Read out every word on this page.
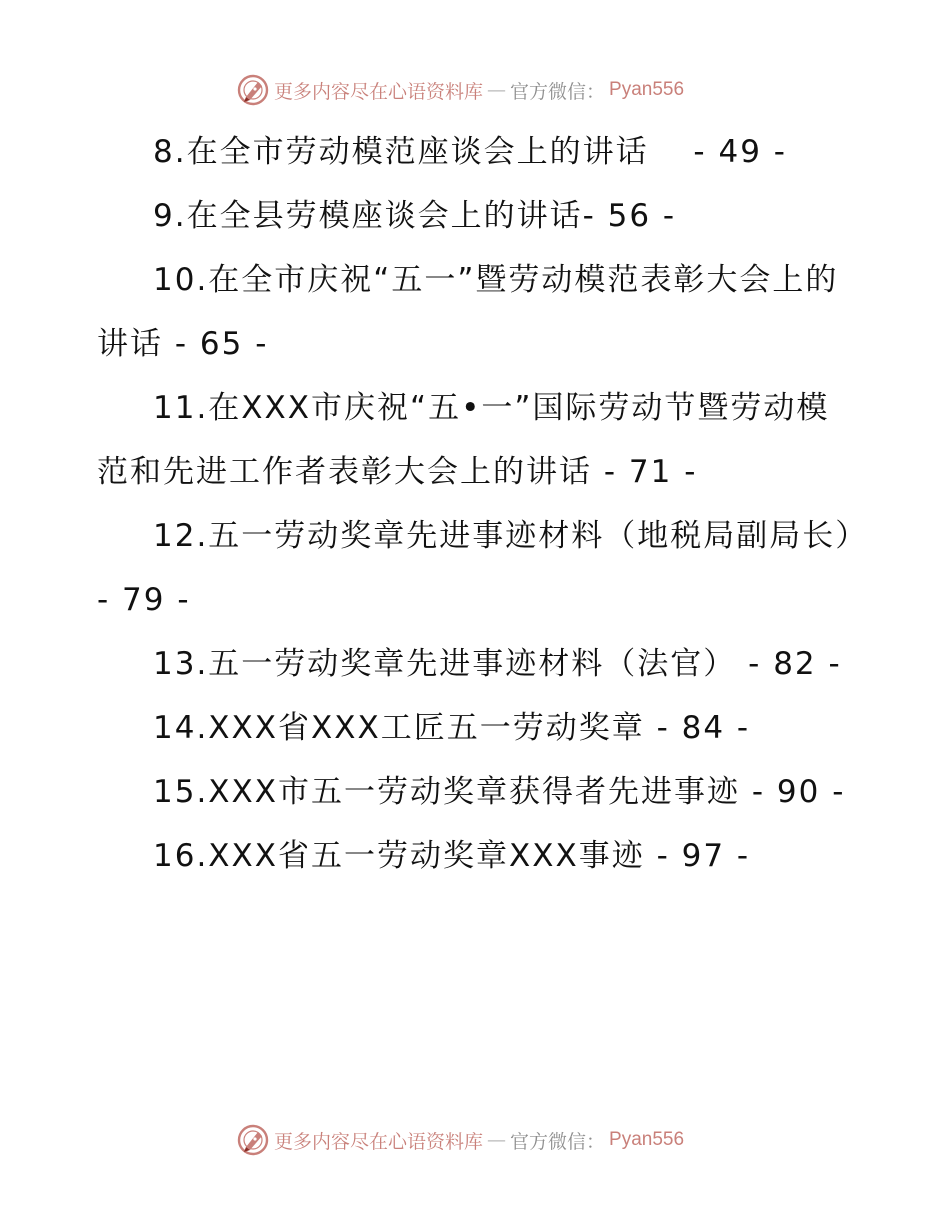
更多内容尽在心语资料库 — 官方微信： Pyan556
8.在全市劳动模范座谈会上的讲话　 - 49 -
9.在全县劳模座谈会上的讲话- 56 -
10.在全市庆祝“五一”暨劳动模范表彰大会上的讲话 - 65 -
11.在XXX市庆祝“五•一”国际劳动节暨劳动模范和先进工作者表彰大会上的讲话 - 71 -
12.五一劳动奖章先进事迹材料（地税局副局长）　- 79 -
13.五一劳动奖章先进事迹材料（法官） - 82 -
14.XXX省XXX工匠五一劳动奖章 - 84 -
15.XXX市五一劳动奖章获得者先进事迹 - 90 -
16.XXX省五一劳动奖章XXX事迹 - 97 -
更多内容尽在心语资料库 — 官方微信： Pyan556
